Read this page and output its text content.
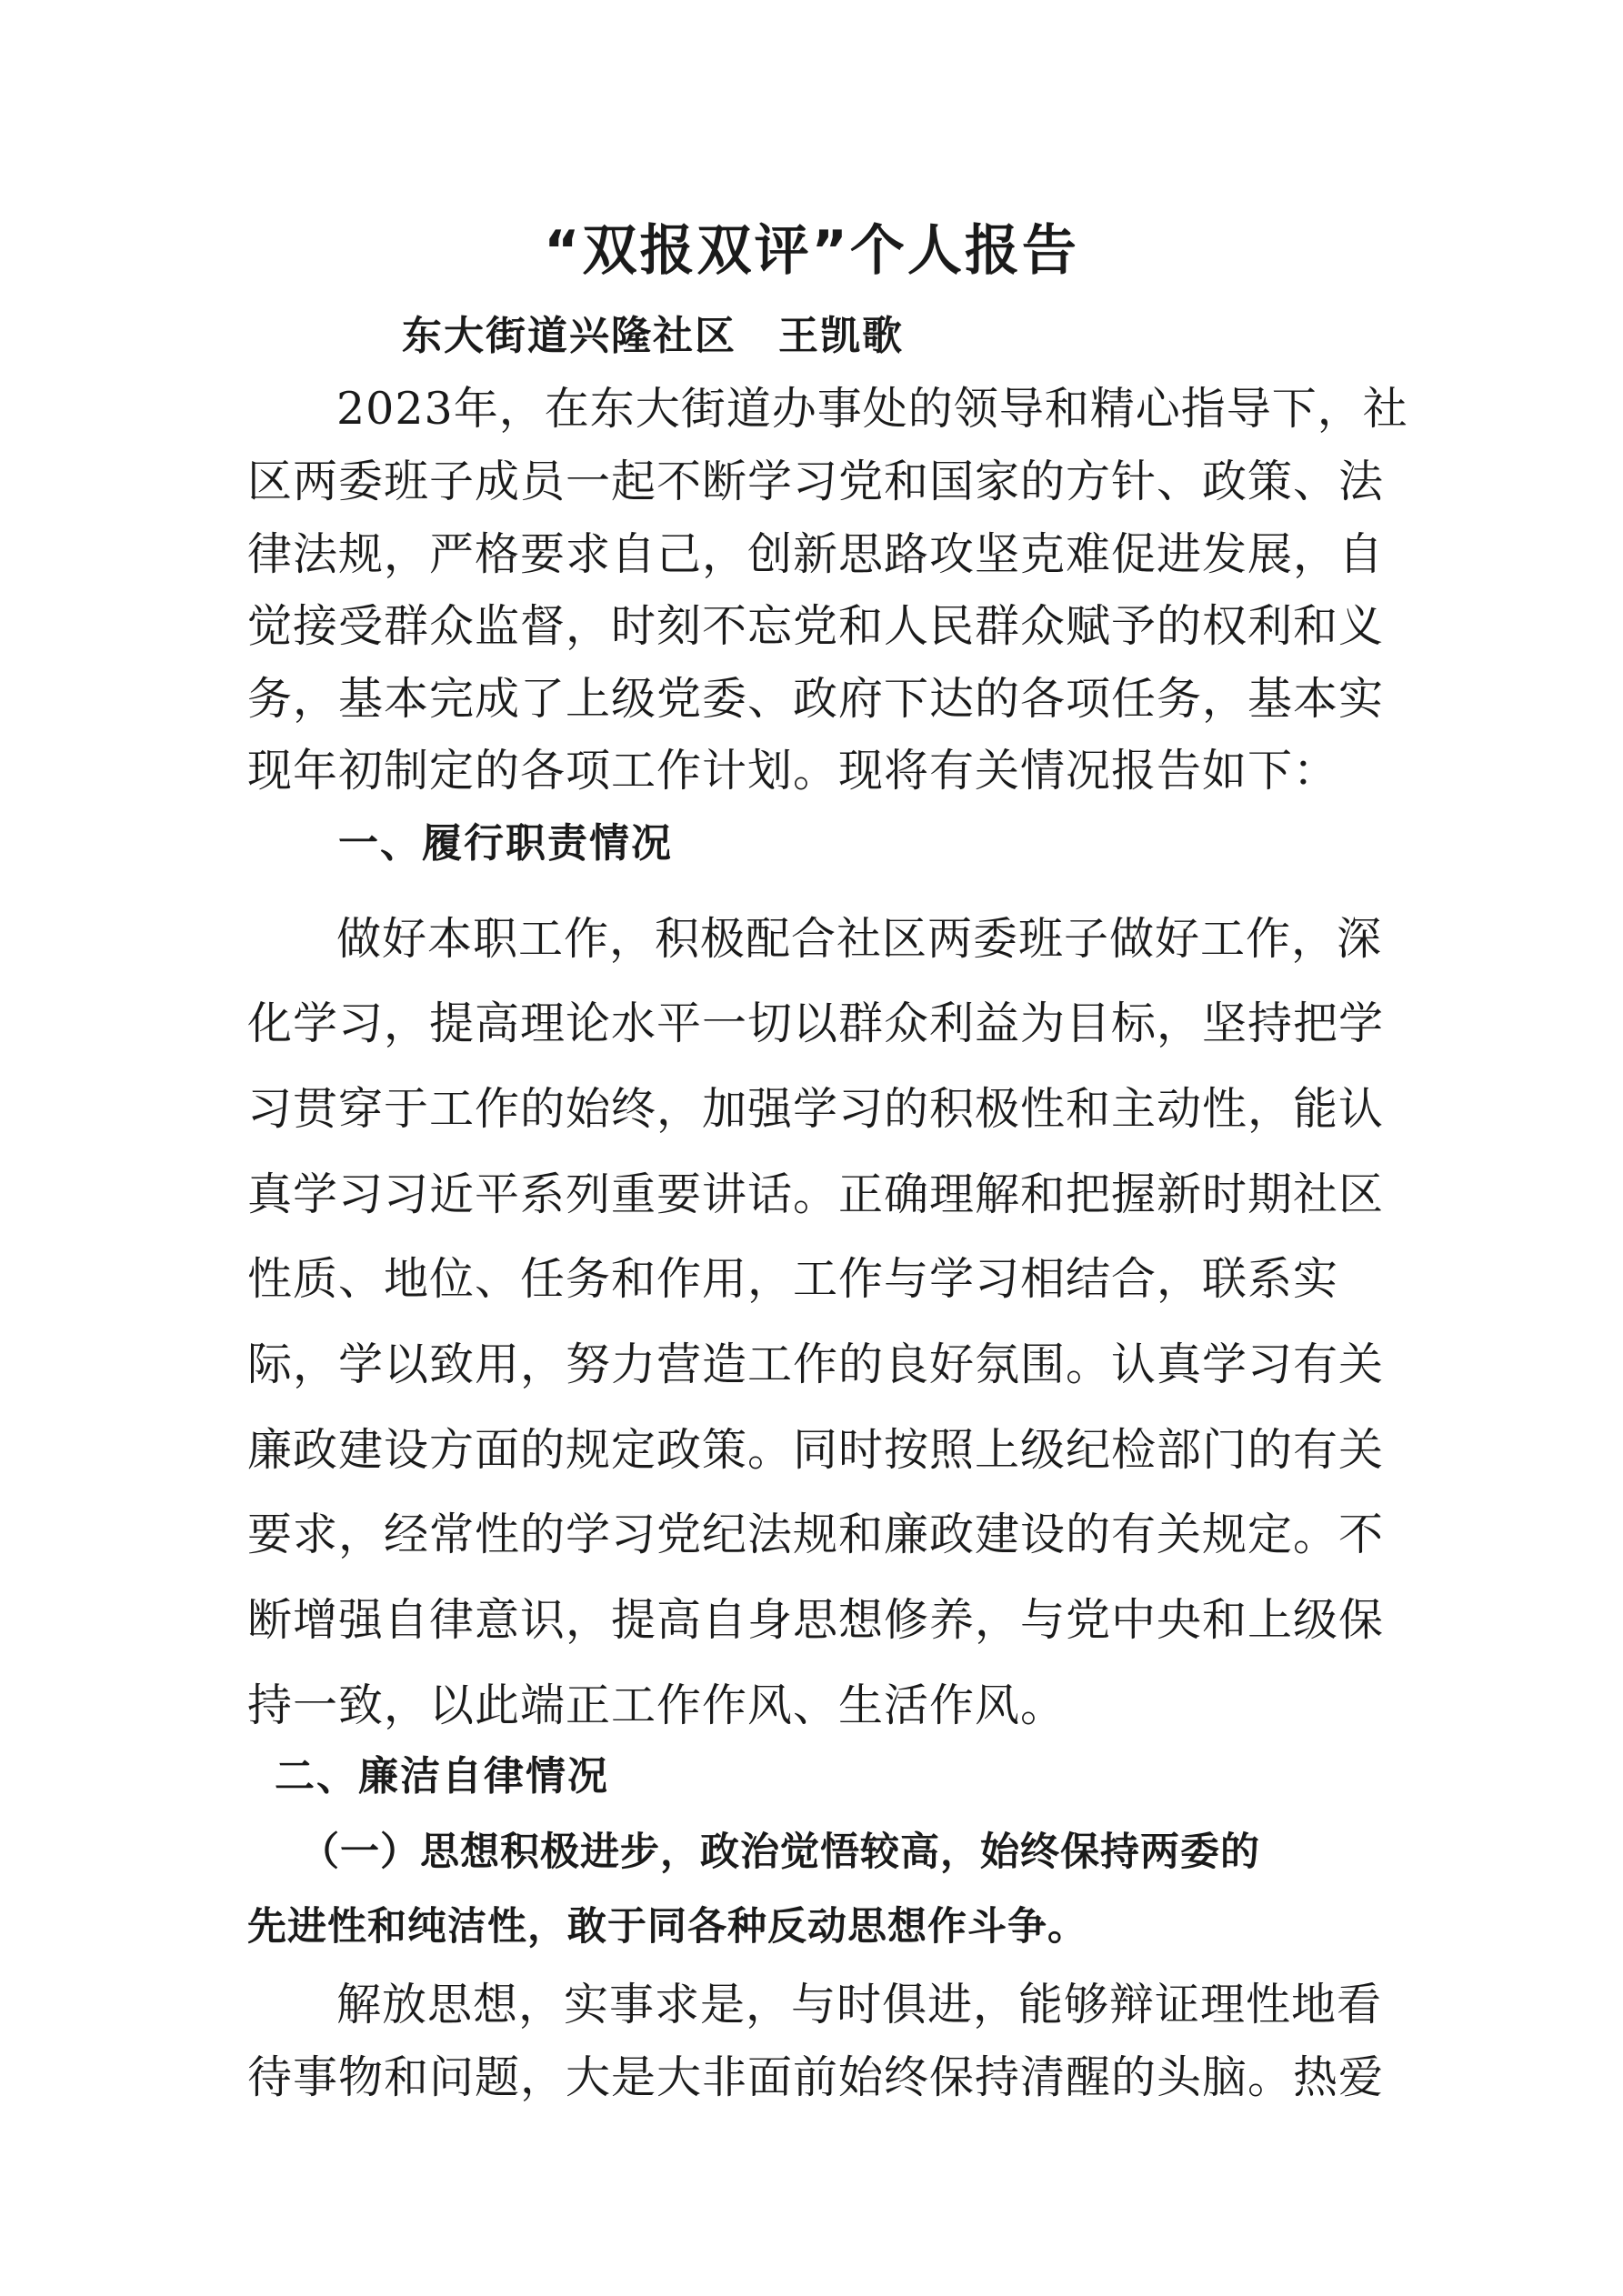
“双报双评”个人报告
东大街道兴隆社区　王凯歌
2023年，在东大街道办事处的领导和精心指导下，社
区两委班子成员一起不断学习党和国家的方针、政策、法
律法规，严格要求自己，创新思路攻坚克难促进发展，自
觉接受群众监督，时刻不忘党和人民群众赋予的权利和义
务，基本完成了上级党委、政府下达的各项任务，基本实
现年初制定的各项工作计划。现将有关情况报告如下：
一、履行职责情况
做好本职工作，积极配合社区两委班子做好工作，深
化学习，提高理论水平一切以群众利益为目标，坚持把学
习贯穿于工作的始终，加强学习的积极性和主动性，能认
真学习习近平系列重要讲话。正确理解和把握新时期社区
性质、地位、任务和作用，工作与学习相结合，联系实
际，学以致用，努力营造工作的良好氛围。认真学习有关
廉政建设方面的规定政策。同时按照上级纪检部门的有关
要求，经常性的学习党纪法规和廉政建设的有关规定。不
断增强自律意识，提高自身思想修养，与党中央和上级保
持一致，以此端正工作作风、生活作风。
二、廉洁自律情况
（一）思想积极进步，政治觉悟较高，始终保持两委的
先进性和纯洁性，敢于同各种反动思想作斗争。
解放思想，实事求是，与时俱进，能够辩证理性地看
待事物和问题，大是大非面前始终保持清醒的头脑。热爱
